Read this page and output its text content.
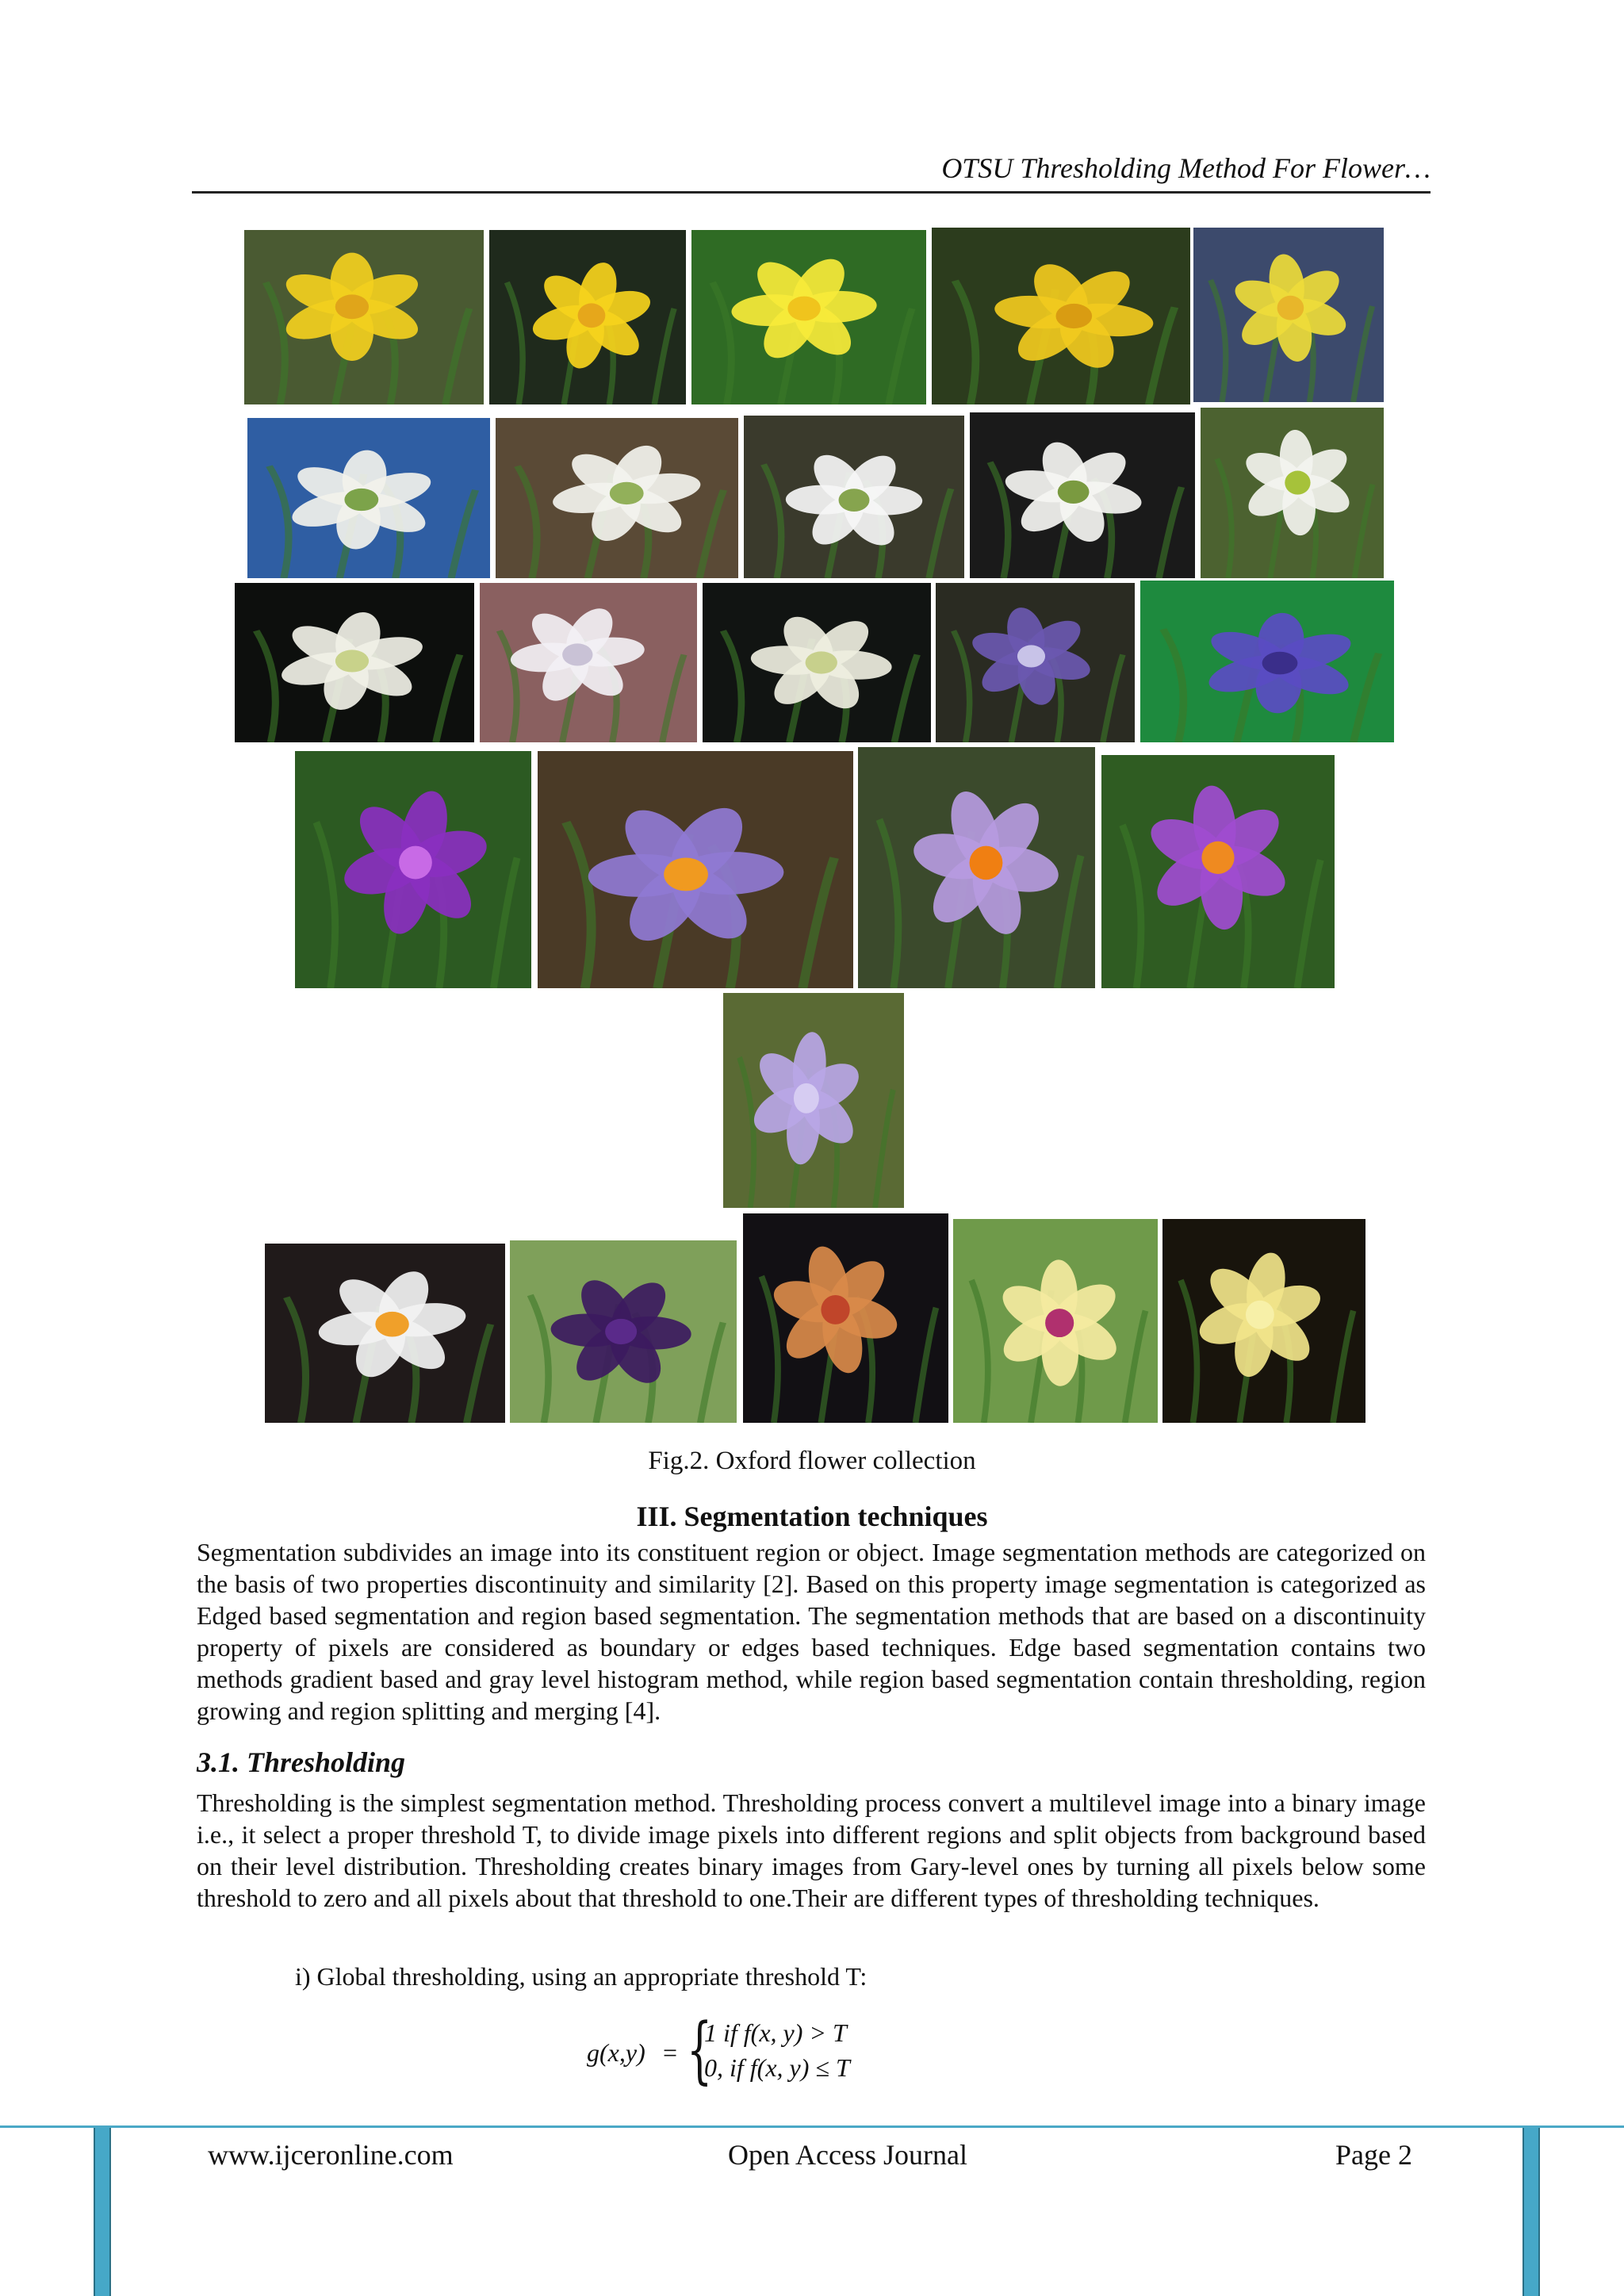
OTSU Thresholding Method For Flower…
Fig.2. Oxford flower collection
III. Segmentation techniques
Segmentation subdivides an image into its constituent region or object. Image segmentation methods are categorized on the basis of two properties discontinuity and similarity [2]. Based on this property image segmentation is categorized as Edged based segmentation and region based segmentation. The segmentation methods that are based on a discontinuity property of pixels are considered as boundary or edges based techniques. Edge based segmentation contains two methods gradient based and gray level histogram method, while region based segmentation contain thresholding, region growing and region splitting and merging [4].
3.1. Thresholding
Thresholding is the simplest segmentation method. Thresholding process convert a multilevel image into a binary image i.e., it select a proper threshold T, to divide image pixels into different regions and split objects from background based on their level distribution. Thresholding creates binary images from Gary-level ones by turning all pixels below some threshold to zero and all pixels about that threshold to one.Their are different types of thresholding techniques.
i) Global thresholding, using an appropriate threshold T:
g(x,y) = {
1 if f(x, y) > T
0, if f(x, y) ≤ T
www.ijceronline.com	Open Access Journal	Page 2
